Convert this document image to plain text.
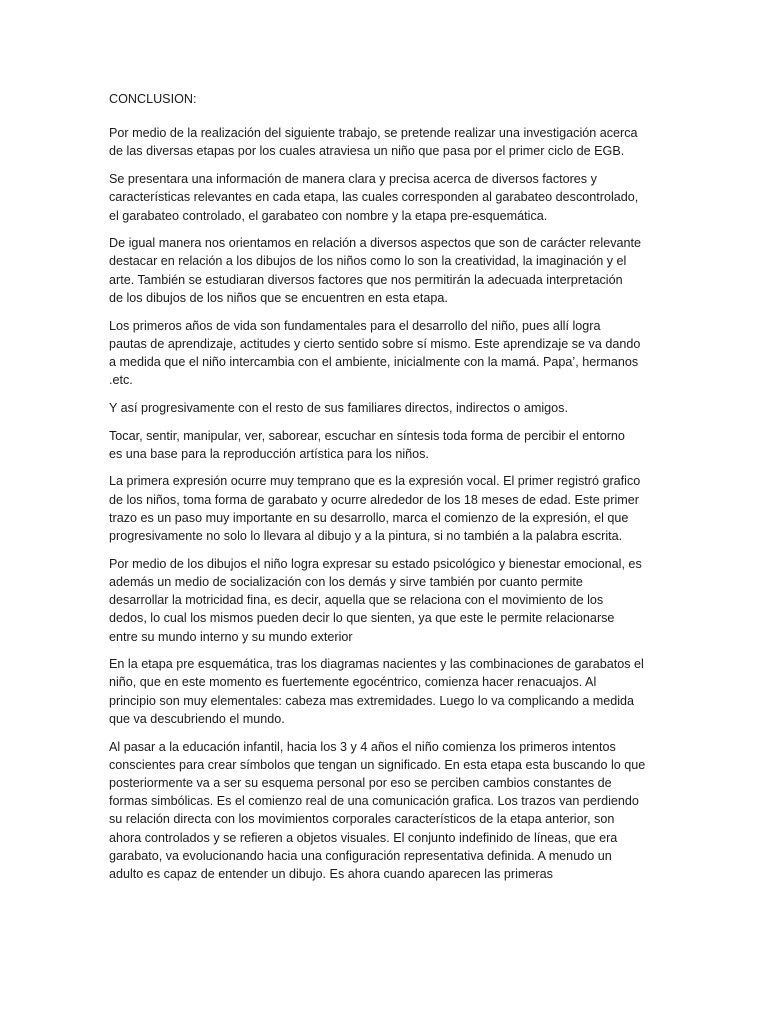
CONCLUSION:

Por medio de la realización del siguiente trabajo, se pretende realizar una investigación acerca
de las diversas etapas por los cuales atraviesa un niño que pasa por el primer ciclo de EGB.

Se presentara una información de manera clara y precisa acerca de diversos factores y
características relevantes en cada etapa, las cuales corresponden al garabateo descontrolado,
el garabateo controlado, el garabateo con nombre y la etapa pre-esquemática.

De igual manera nos orientamos en relación a diversos aspectos que son de carácter relevante
destacar en relación a los dibujos de los niños como lo son la creatividad, la imaginación y el
arte. También se estudiaran diversos factores que nos permitirán la adecuada interpretación
de los dibujos de los niños que se encuentren en esta etapa.

Los primeros años de vida son fundamentales para el desarrollo del niño, pues allí logra
pautas de aprendizaje, actitudes y cierto sentido sobre sí mismo. Este aprendizaje se va dando
a medida que el niño intercambia con el ambiente, inicialmente con la mamá. Papa’, hermanos
.etc.

Y así progresivamente con el resto de sus familiares directos, indirectos o amigos.

Tocar, sentir, manipular, ver, saborear, escuchar en síntesis toda forma de percibir el entorno
es una base para la reproducción artística para los niños.

La primera expresión ocurre muy temprano que es la expresión vocal. El primer registró grafico
de los niños, toma forma de garabato y ocurre alrededor de los 18 meses de edad. Este primer
trazo es un paso muy importante en su desarrollo, marca el comienzo de la expresión, el que
progresivamente no solo lo llevara al dibujo y a la pintura, si no también a la palabra escrita.

Por medio de los dibujos el niño logra expresar su estado psicológico y bienestar emocional, es
además un medio de socialización con los demás y sirve también por cuanto permite
desarrollar la motricidad fina, es decir, aquella que se relaciona con el movimiento de los
dedos, lo cual los mismos pueden decir lo que sienten, ya que este le permite relacionarse
entre su mundo interno y su mundo exterior

En la etapa pre esquemática, tras los diagramas nacientes y las combinaciones de garabatos el
niño, que en este momento es fuertemente egocéntrico, comienza hacer renacuajos. Al
principio son muy elementales: cabeza mas extremidades. Luego lo va complicando a medida
que va descubriendo el mundo.

Al pasar a la educación infantil, hacia los 3 y 4 años el niño comienza los primeros intentos
conscientes para crear símbolos que tengan un significado. En esta etapa esta buscando lo que
posteriormente va a ser su esquema personal por eso se perciben cambios constantes de
formas simbólicas. Es el comienzo real de una comunicación grafica. Los trazos van perdiendo
su relación directa con los movimientos corporales característicos de la etapa anterior, son
ahora controlados y se refieren a objetos visuales. El conjunto indefinido de líneas, que era
garabato, va evolucionando hacia una configuración representativa definida. A menudo un
adulto es capaz de entender un dibujo. Es ahora cuando aparecen las primeras
